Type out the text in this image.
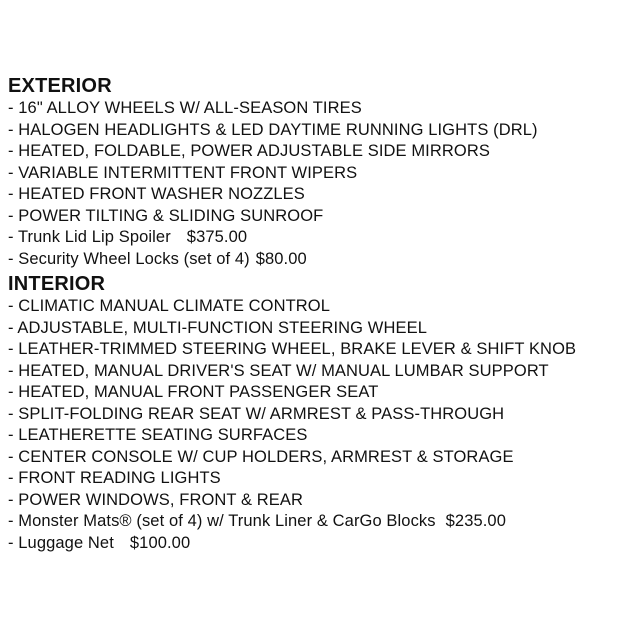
EXTERIOR
- 16" ALLOY WHEELS W/ ALL-SEASON TIRES
- HALOGEN HEADLIGHTS & LED DAYTIME RUNNING LIGHTS (DRL)
- HEATED, FOLDABLE, POWER ADJUSTABLE SIDE MIRRORS
- VARIABLE INTERMITTENT FRONT WIPERS
- HEATED FRONT WASHER NOZZLES
- POWER TILTING & SLIDING SUNROOF
- Trunk Lid Lip Spoiler $375.00
- Security Wheel Locks (set of 4) $80.00
INTERIOR
- CLIMATIC MANUAL CLIMATE CONTROL
- ADJUSTABLE, MULTI-FUNCTION STEERING WHEEL
- LEATHER-TRIMMED STEERING WHEEL, BRAKE LEVER & SHIFT KNOB
- HEATED, MANUAL DRIVER'S SEAT W/ MANUAL LUMBAR SUPPORT
- HEATED, MANUAL FRONT PASSENGER SEAT
- SPLIT-FOLDING REAR SEAT W/ ARMREST & PASS-THROUGH
- LEATHERETTE SEATING SURFACES
- CENTER CONSOLE W/ CUP HOLDERS, ARMREST & STORAGE
- FRONT READING LIGHTS
- POWER WINDOWS, FRONT & REAR
- Monster Mats® (set of 4) w/ Trunk Liner & CarGo Blocks $235.00
- Luggage Net $100.00
